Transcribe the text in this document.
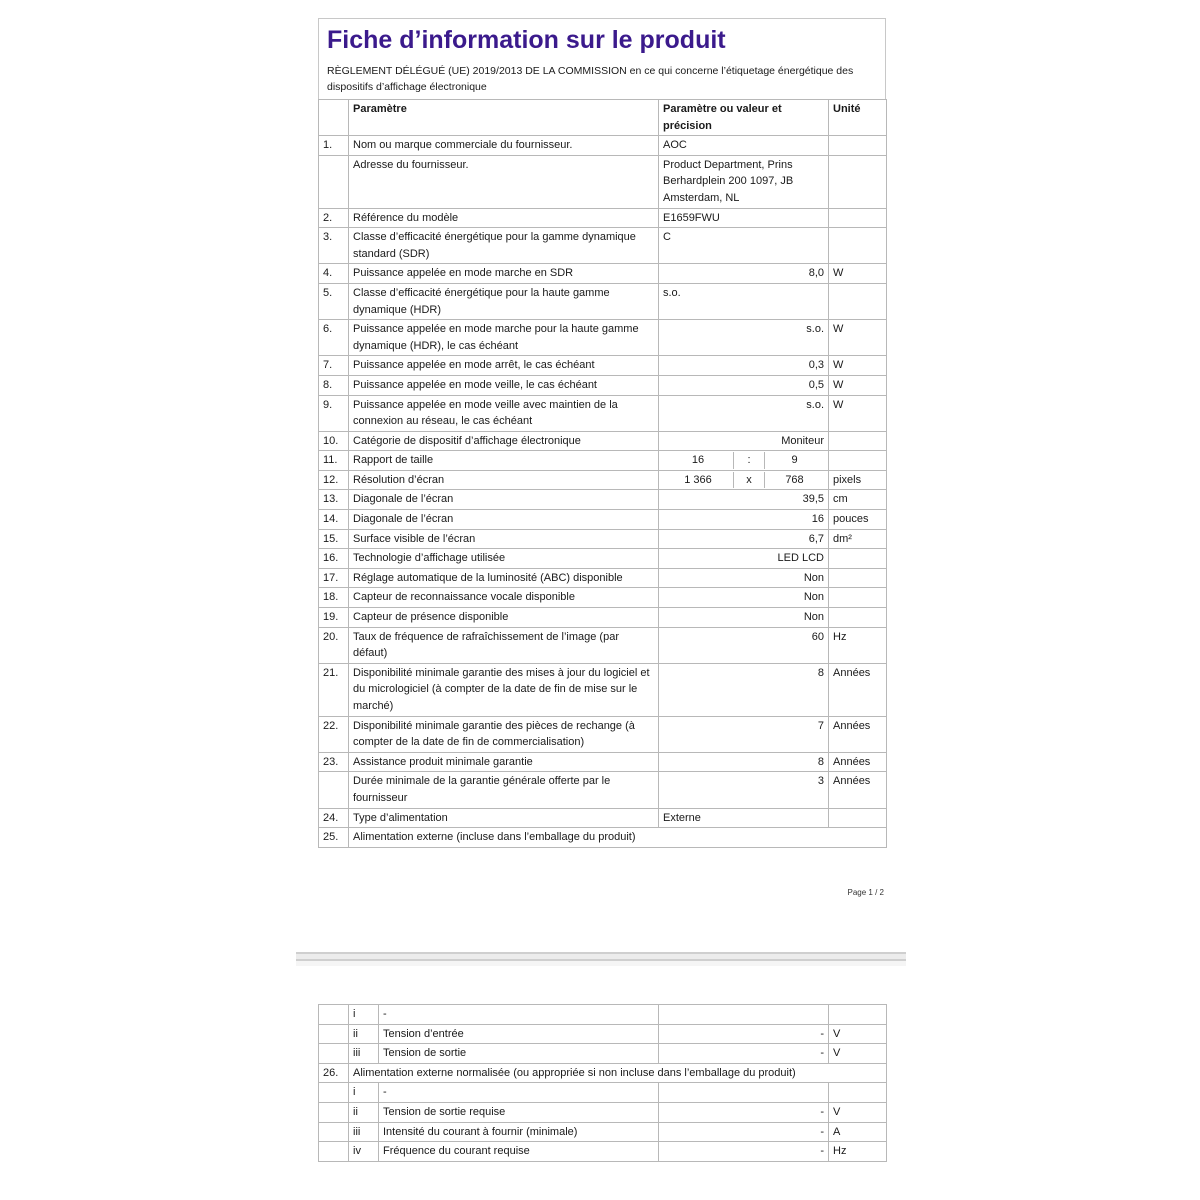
Fiche d’information sur le produit
RÈGLEMENT DÉLÉGUÉ (UE) 2019/2013 DE LA COMMISSION en ce qui concerne l’étiquetage énergétique des dispositifs d’affichage électronique
	Paramètre	Paramètre ou valeur et précision	Unité
1.	Nom ou marque commerciale du fournisseur.	AOC	
	Adresse du fournisseur.	Product Department, Prins Berhardplein 200 1097, JB Amsterdam, NL	
2.	Référence du modèle	E1659FWU	
3.	Classe d’efficacité énergétique pour la gamme dynamique standard (SDR)	C	
4.	Puissance appelée en mode marche en SDR	8,0	W
5.	Classe d’efficacité énergétique pour la haute gamme dynamique (HDR)	s.o.	
6.	Puissance appelée en mode marche pour la haute gamme dynamique (HDR), le cas échéant	s.o.	W
7.	Puissance appelée en mode arrêt, le cas échéant	0,3	W
8.	Puissance appelée en mode veille, le cas échéant	0,5	W
9.	Puissance appelée en mode veille avec maintien de la connexion au réseau, le cas échéant	s.o.	W
10.	Catégorie de dispositif d’affichage électronique	Moniteur	
11.	Rapport de taille	16 : 9	

12.	Résolution d’écran	1 366 x 768	pixels
13.	Diagonale de l’écran	39,5	cm
14.	Diagonale de l’écran	16	pouces
15.	Surface visible de l’écran	6,7	dm²
16.	Technologie d’affichage utilisée	LED LCD	
17.	Réglage automatique de la luminosité (ABC) disponible	Non	
18.	Capteur de reconnaissance vocale disponible	Non	
19.	Capteur de présence disponible	Non	
20.	Taux de fréquence de rafraîchissement de l’image (par défaut)	60	Hz
21.	Disponibilité minimale garantie des mises à jour du logiciel et du micrologiciel (à compter de la date de fin de mise sur le marché)	8	Années
22.	Disponibilité minimale garantie des pièces de rechange (à compter de la date de fin de commercialisation)	7	Années
23.	Assistance produit minimale garantie	8	Années
	Durée minimale de la garantie générale offerte par le fournisseur	3	Années
24.	Type d’alimentation	Externe	
25.	Alimentation externe (incluse dans l’emballage du produit)		
Page 1 / 2
	i	-		
	ii	Tension d’entrée	-	V
	iii	Tension de sortie	-	V
26.	Alimentation externe normalisée (ou appropriée si non incluse dans l’emballage du produit)			
	i	-		
	ii	Tension de sortie requise	-	V
	iii	Intensité du courant à fournir (minimale)	-	A
	iv	Fréquence du courant requise	-	Hz
